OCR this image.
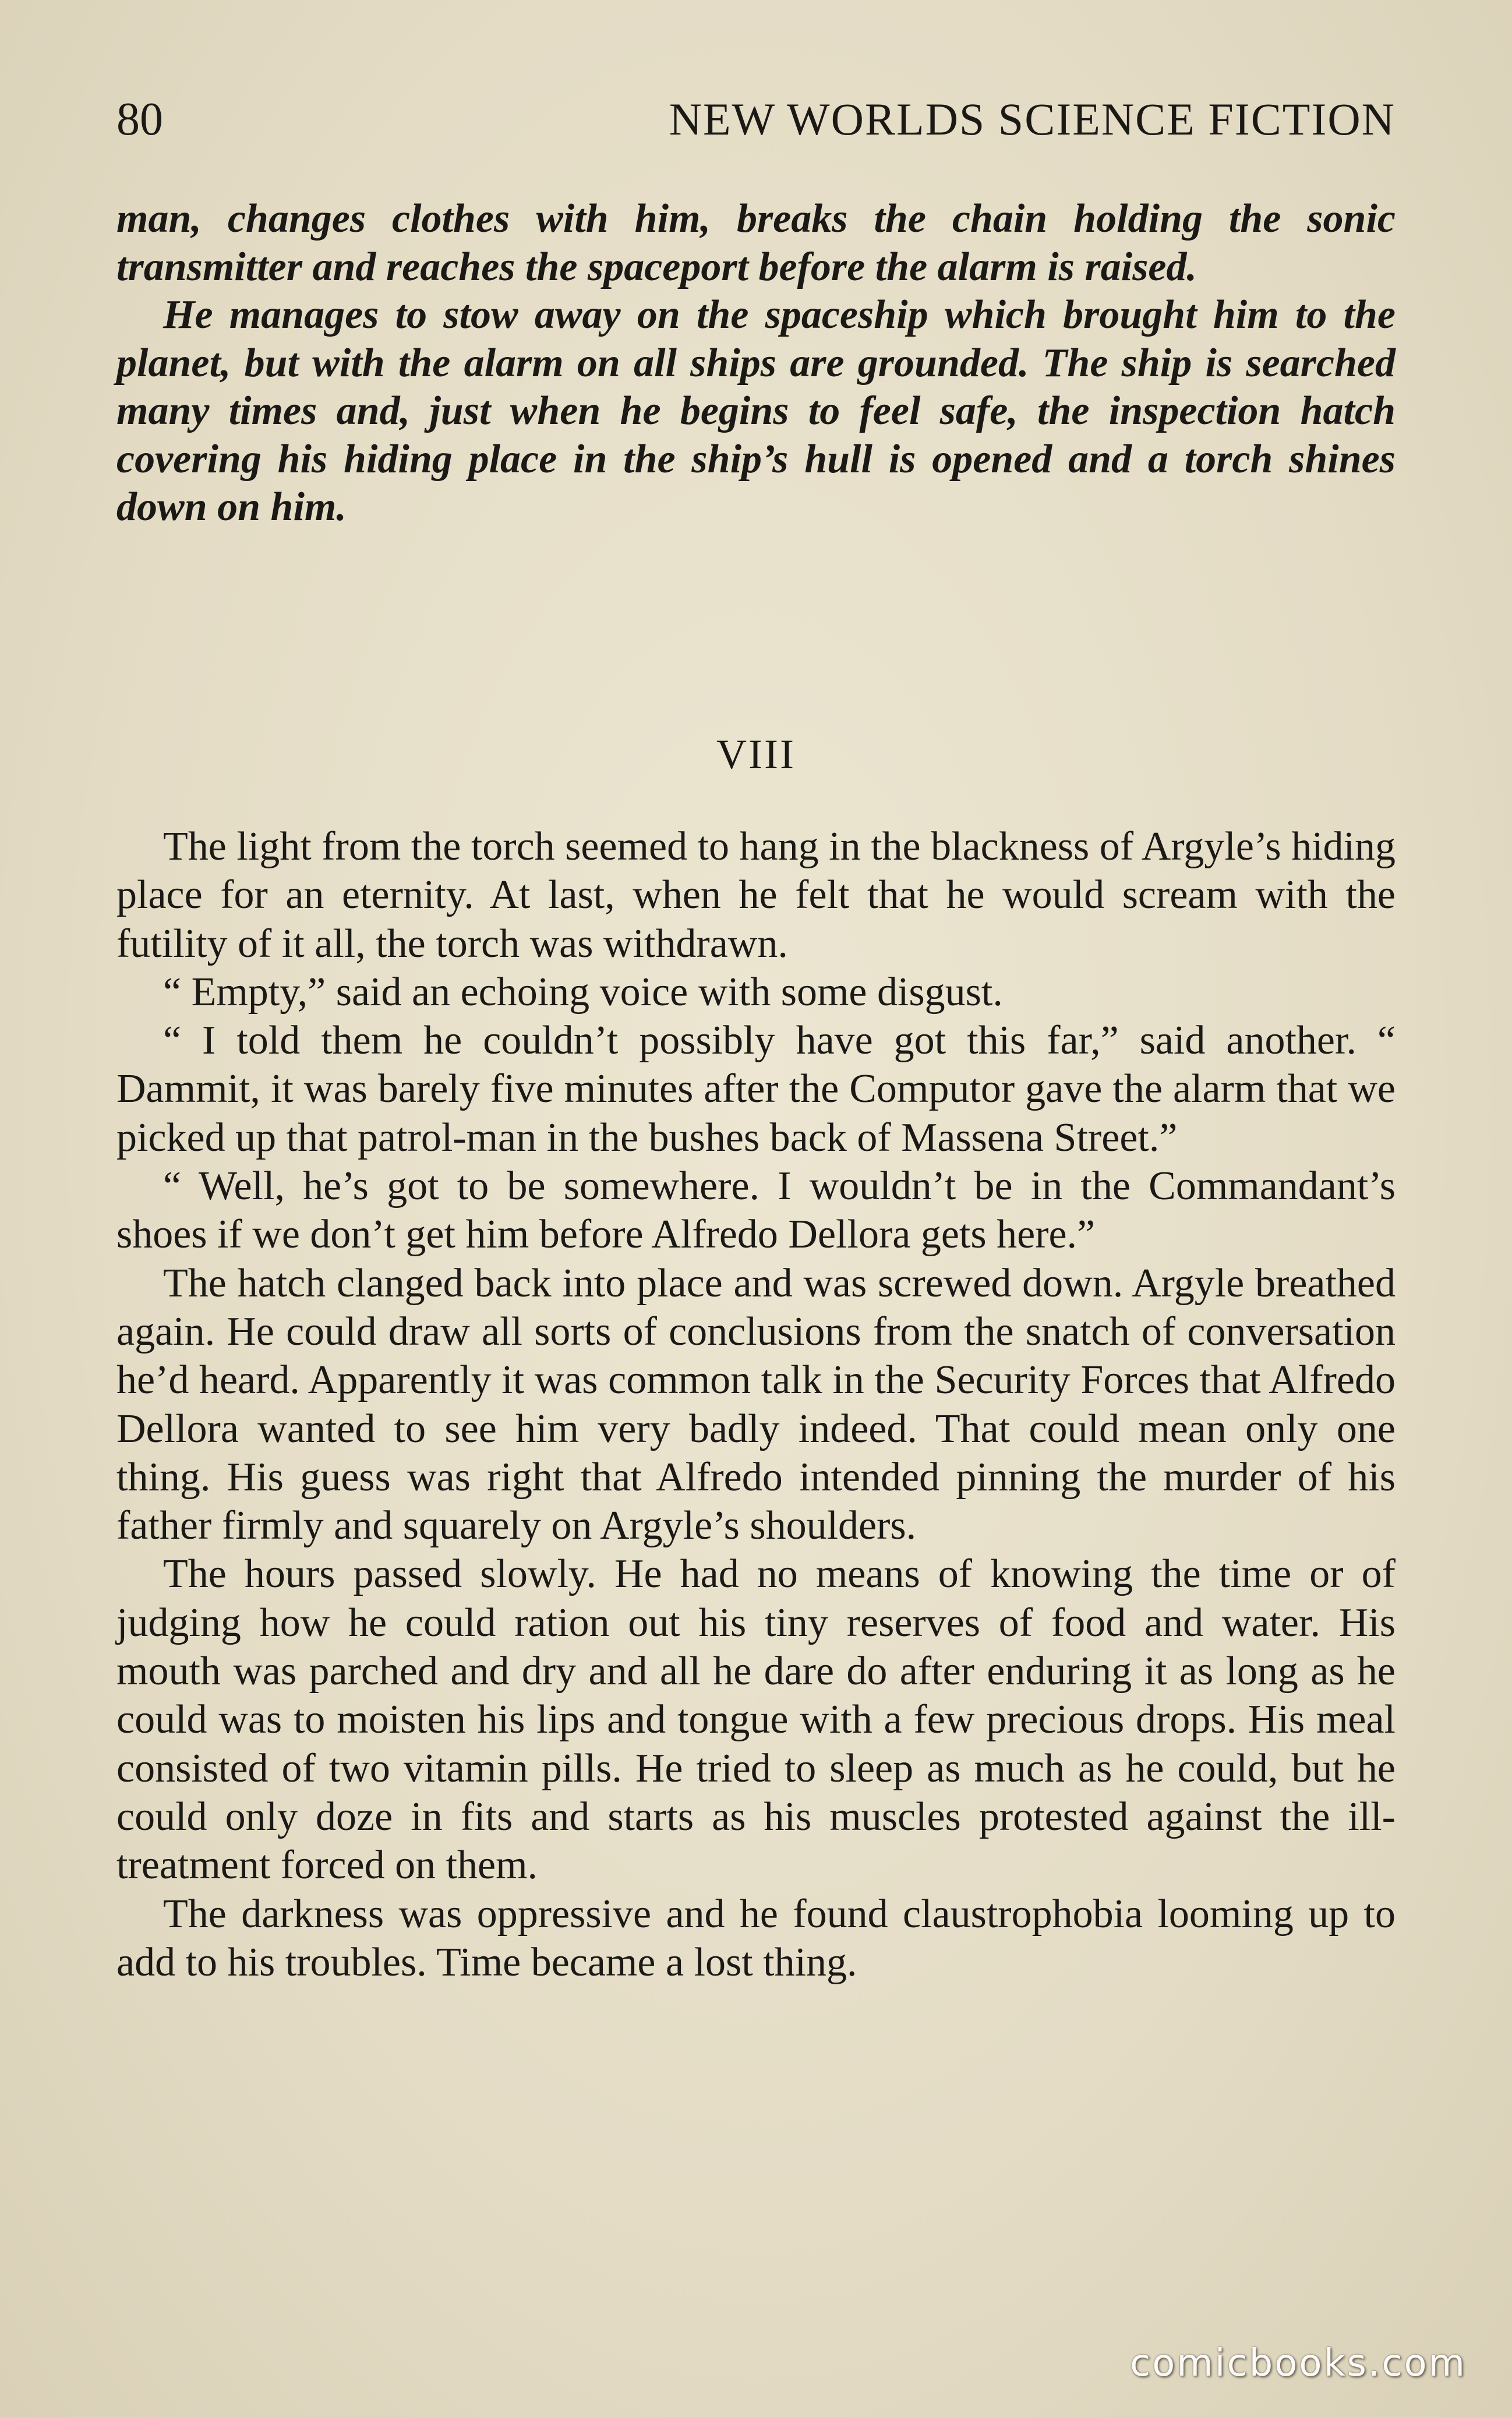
80	NEW WORLDS SCIENCE FICTION

man, changes clothes with him, breaks the chain holding the sonic transmitter and reaches the spaceport before the alarm is raised.

He manages to stow away on the spaceship which brought him to the planet, but with the alarm on all ships are grounded. The ship is searched many times and, just when he begins to feel safe, the inspection hatch covering his hiding place in the ship’s hull is opened and a torch shines down on him.

VIII

The light from the torch seemed to hang in the blackness of Argyle’s hiding place for an eternity. At last, when he felt that he would scream with the futility of it all, the torch was withdrawn.

“ Empty,” said an echoing voice with some disgust.

“ I told them he couldn’t possibly have got this far,” said another. “ Dammit, it was barely five minutes after the Computor gave the alarm that we picked up that patrol-man in the bushes back of Massena Street.”

“ Well, he’s got to be somewhere. I wouldn’t be in the Commandant’s shoes if we don’t get him before Alfredo Dellora gets here.”

The hatch clanged back into place and was screwed down. Argyle breathed again. He could draw all sorts of conclusions from the snatch of conversation he’d heard. Apparently it was common talk in the Security Forces that Alfredo Dellora wanted to see him very badly indeed. That could mean only one thing. His guess was right that Alfredo intended pinning the murder of his father firmly and squarely on Argyle’s shoulders.

The hours passed slowly. He had no means of knowing the time or of judging how he could ration out his tiny reserves of food and water. His mouth was parched and dry and all he dare do after enduring it as long as he could was to moisten his lips and tongue with a few precious drops. His meal consisted of two vitamin pills. He tried to sleep as much as he could, but he could only doze in fits and starts as his muscles protested against the ill-treatment forced on them.

The darkness was oppressive and he found claustrophobia looming up to add to his troubles. Time became a lost thing.

comicbooks.com
